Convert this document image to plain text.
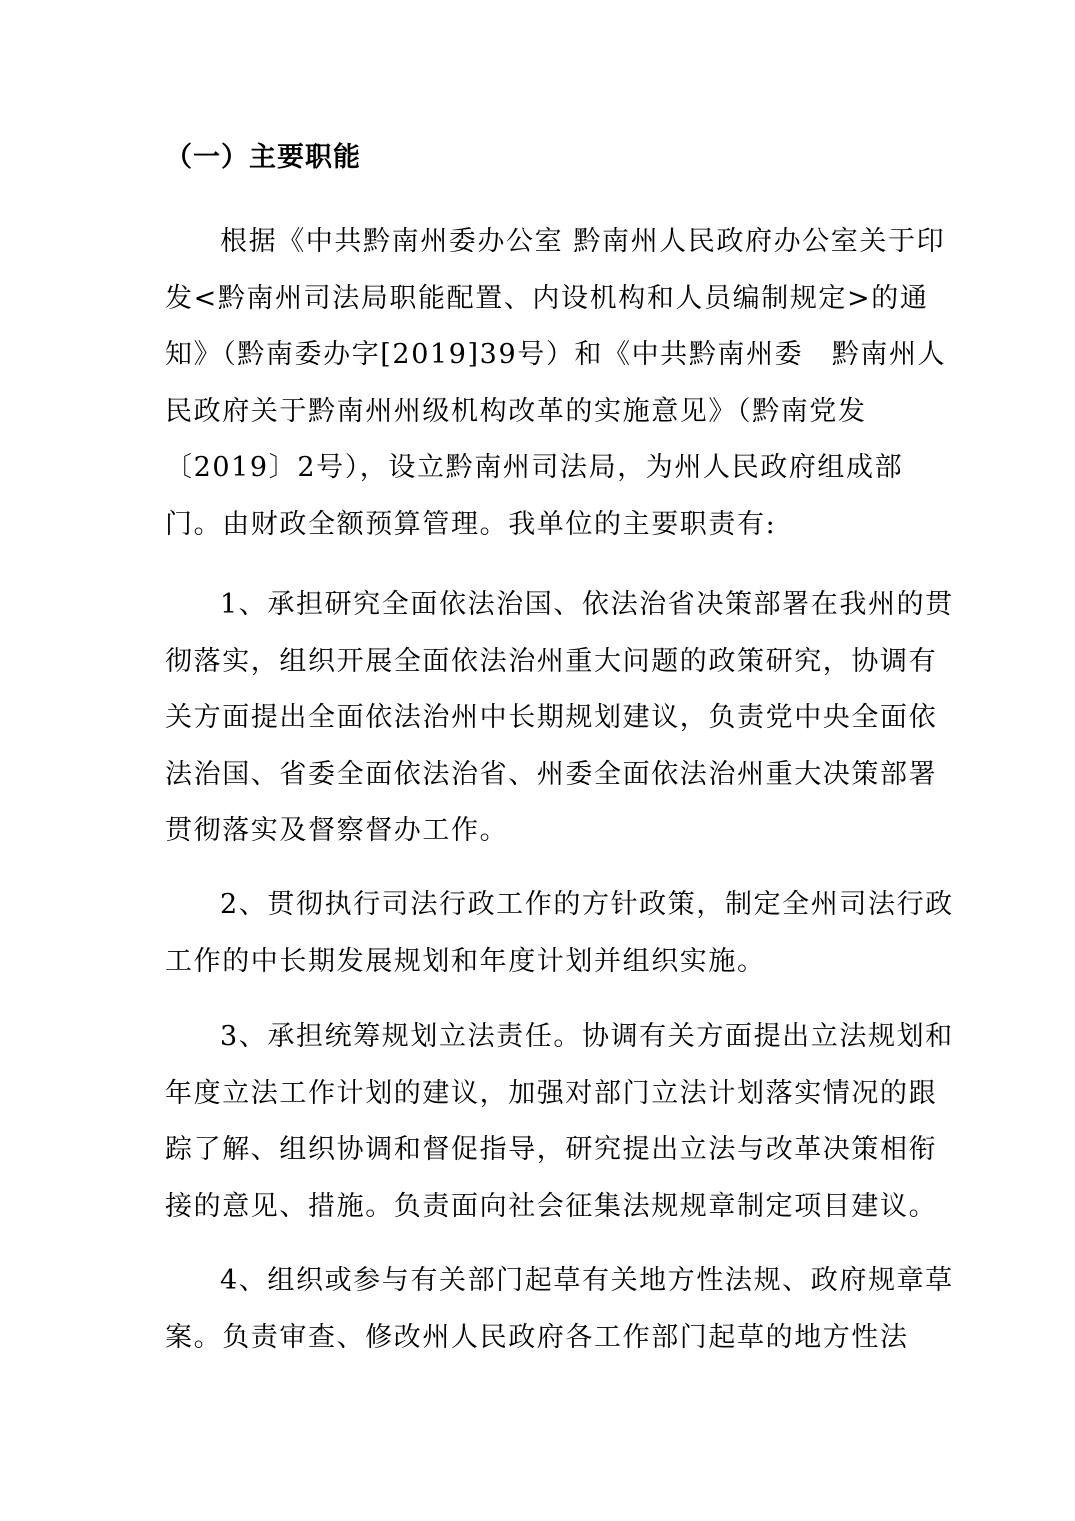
（一）主要职能
根据《中共黔南州委办公室 黔南州人民政府办公室关于印
发<黔南州司法局职能配置、内设机构和人员编制规定>的通
知》（黔南委办字[2019]39号）和《中共黔南州委　黔南州人
民政府关于黔南州州级机构改革的实施意见》（黔南党发
〔2019〕2号），设立黔南州司法局，为州人民政府组成部
门。由财政全额预算管理。我单位的主要职责有:
1、承担研究全面依法治国、依法治省决策部署在我州的贯
彻落实，组织开展全面依法治州重大问题的政策研究，协调有
关方面提出全面依法治州中长期规划建议，负责党中央全面依
法治国、省委全面依法治省、州委全面依法治州重大决策部署
贯彻落实及督察督办工作。
2、贯彻执行司法行政工作的方针政策，制定全州司法行政
工作的中长期发展规划和年度计划并组织实施。
3、承担统筹规划立法责任。协调有关方面提出立法规划和
年度立法工作计划的建议，加强对部门立法计划落实情况的跟
踪了解、组织协调和督促指导，研究提出立法与改革决策相衔
接的意见、措施。负责面向社会征集法规规章制定项目建议。
4、组织或参与有关部门起草有关地方性法规、政府规章草
案。负责审查、修改州人民政府各工作部门起草的地方性法
